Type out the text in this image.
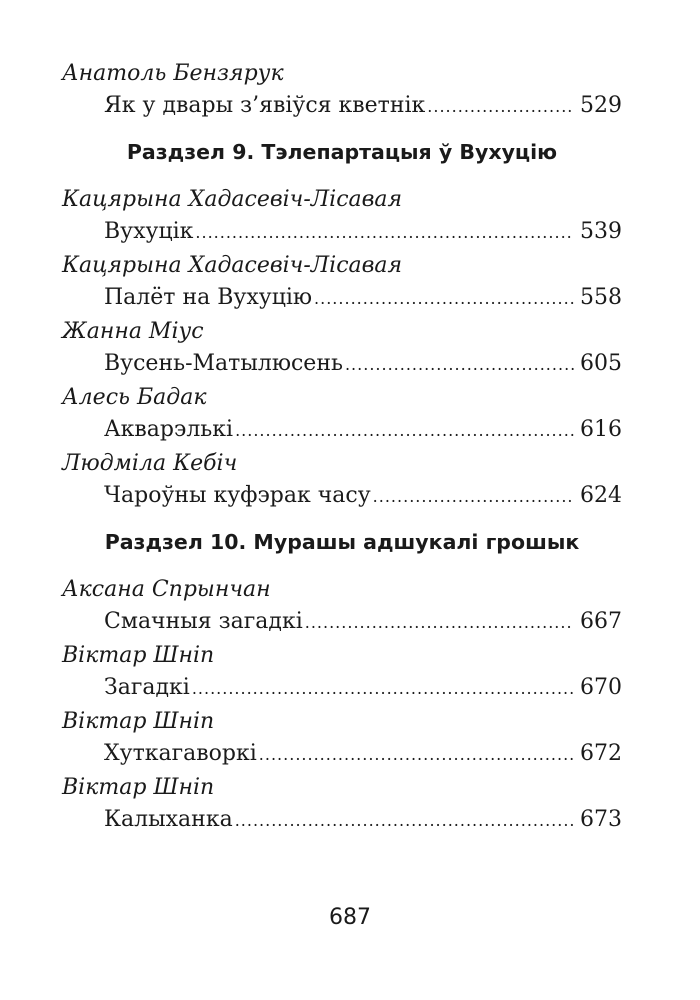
Анатоль Бензярук
Як у двары з’явіўся кветнік .....	529
Раздзел 9. Тэлепартацыя ў Вухуцію
Кацярына Хадасевіч-Лісавая
Вухуцік .....	539
Кацярына Хадасевіч-Лісавая
Палёт на Вухуцію .....	558
Жанна Міус
Вусень-Матылюсень .....	605
Алесь Бадак
Акварэлькі .....	616
Людміла Кебіч
Чароўны куфэрак часу .....	624
Раздзел 10. Мурашы адшукалі грошык
Аксана Спрынчан
Смачныя загадкі .....	667
Віктар Шніп
Загадкі .....	670
Віктар Шніп
Хуткагаворкі .....	672
Віктар Шніп
Калыханка .....	673
687
